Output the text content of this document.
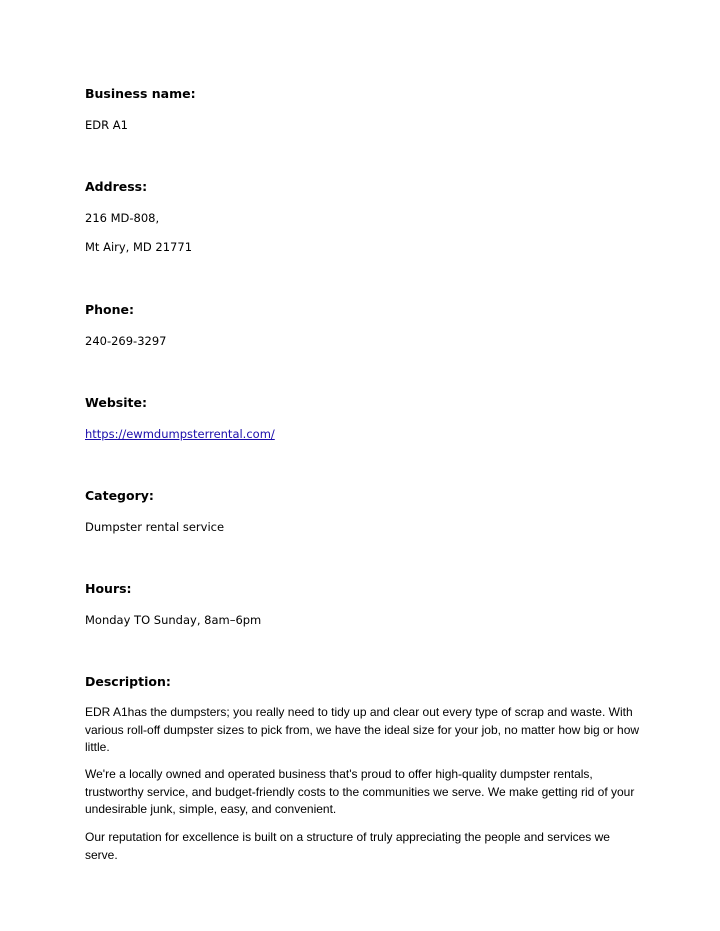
Business name:
EDR A1
Address:
216 MD-808,
Mt Airy, MD 21771
Phone:
240-269-3297
Website:
https://ewmdumpsterrental.com/
Category:
Dumpster rental service
Hours:
Monday TO Sunday, 8am–6pm
Description:
EDR A1has the dumpsters; you really need to tidy up and clear out every type of scrap and waste. With various roll-off dumpster sizes to pick from, we have the ideal size for your job, no matter how big or how little.
We're a locally owned and operated business that's proud to offer high-quality dumpster rentals, trustworthy service, and budget-friendly costs to the communities we serve. We make getting rid of your undesirable junk, simple, easy, and convenient.
Our reputation for excellence is built on a structure of truly appreciating the people and services we serve.
